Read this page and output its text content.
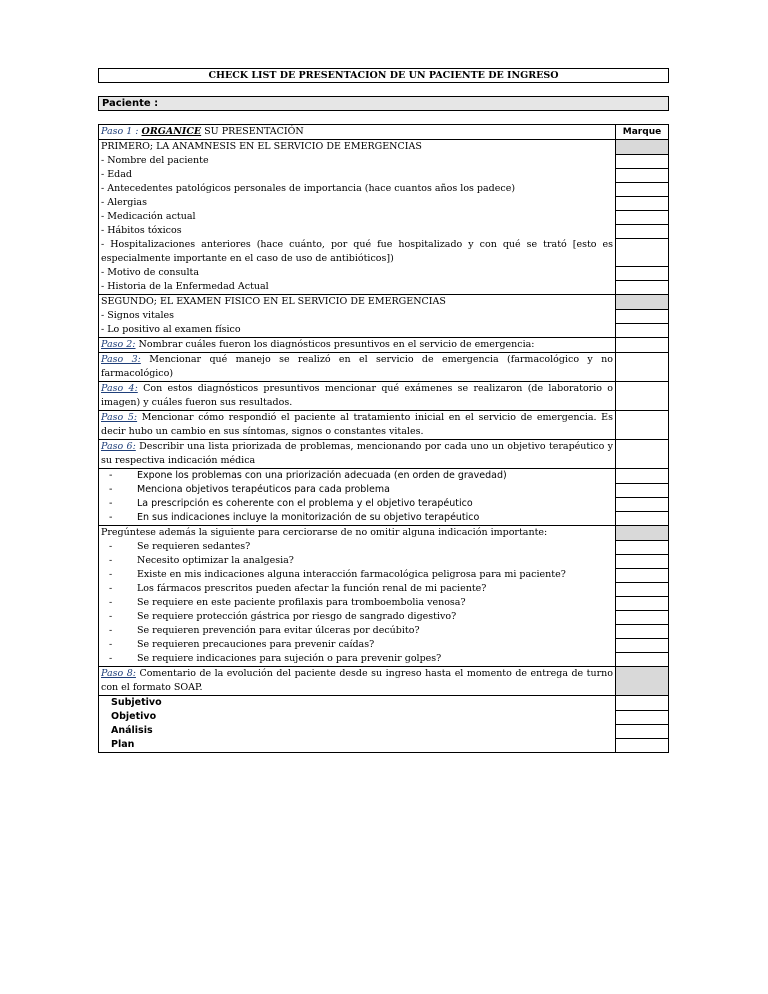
CHECK LIST DE PRESENTACION DE UN PACIENTE DE INGRESO
Paciente :
Paso 1 : ORGANICE SU PRESENTACIÓN	Marque
PRIMERO; LA ANAMNESIS EN EL SERVICIO DE EMERGENCIAS	
- Nombre del paciente	
- Edad	
- Antecedentes patológicos personales de importancia (hace cuantos años los padece)	
- Alergias	
- Medicación actual	
- Hábitos tóxicos	
- Hospitalizaciones anteriores (hace cuánto, por qué fue hospitalizado y con qué se trató [esto es especialmente importante en el caso de uso de antibióticos])	
- Motivo de consulta	
- Historia de la Enfermedad Actual	
SEGUNDO; EL EXAMEN FISICO EN EL SERVICIO DE EMERGENCIAS	
- Signos vitales	
- Lo positivo al examen físico	
Paso 2: Nombrar cuáles fueron los diagnósticos presuntivos en el servicio de emergencia:	
Paso 3: Mencionar qué manejo se realizó en el servicio de emergencia (farmacológico y no farmacológico)	
Paso 4: Con estos diagnósticos presuntivos mencionar qué exámenes se realizaron (de laboratorio o imagen) y cuáles fueron sus resultados.	
Paso 5: Mencionar cómo respondió el paciente al tratamiento inicial en el servicio de emergencia. Es decir hubo un cambio en sus síntomas, signos o constantes vitales.	
Paso 6: Describir una lista priorizada de problemas, mencionando por cada uno un objetivo terapéutico y su respectiva indicación médica	
- Expone los problemas con una priorización adecuada (en orden de gravedad)	
- Menciona objetivos terapéuticos para cada problema	
- La prescripción es coherente con el problema y el objetivo terapéutico	
- En sus indicaciones incluye la monitorización de su objetivo terapéutico	
Pregúntese además la siguiente para cerciorarse de no omitir alguna indicación importante:	
- Se requieren sedantes?	
- Necesito optimizar la analgesia?	
- Existe en mis indicaciones alguna interacción farmacológica peligrosa para mi paciente?	
- Los fármacos prescritos pueden afectar la función renal de mi paciente?	
- Se requiere en este paciente profilaxis para tromboembolia venosa?	
- Se requiere protección gástrica por riesgo de sangrado digestivo?	
- Se requieren prevención para evitar úlceras por decúbito?	
- Se requieren precauciones para prevenir caídas?	
- Se requiere indicaciones para sujeción o para prevenir golpes?	
Paso 8: Comentario de la evolución del paciente desde su ingreso hasta el momento de entrega de turno con el formato SOAP.	
Subjetivo	
Objetivo	
Análisis	
Plan	
